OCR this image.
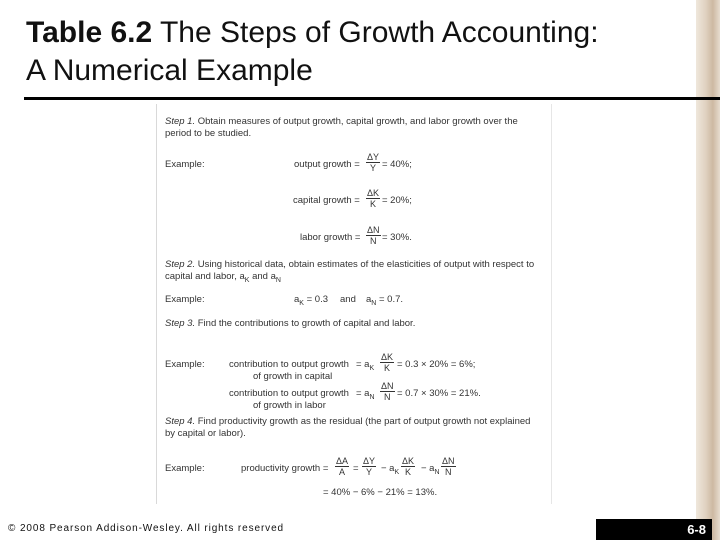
Table 6.2 The Steps of Growth Accounting:
A Numerical Example
Step 1. Obtain measures of output growth, capital growth, and labor growth over the
period to be studied.
Example:	output growth = $\frac{\Delta Y}{Y} = 40\%$;
capital growth = $\frac{\Delta K}{K} = 20\%$;
labor growth = $\frac{\Delta N}{N} = 30\%$.
Step 2. Using historical data, obtain estimates of the elasticities of output with respect to
capital and labor, $a_K$ and $a_N$
Example:	$a_K = 0.3$ and $a_N = 0.7$.
Step 3. Find the contributions to growth of capital and labor.
Example:	contribution to output growth
of growth in capital
= $a_K \frac{\Delta K}{K} = 0.3 \times 20\% = 6\%$;
contribution to output growth
of growth in labor
= $a_N \frac{\Delta N}{N} = 0.7 \times 30\% = 21\%$.
Step 4. Find productivity growth as the residual (the part of output growth not explained
by capital or labor).
Example:	productivity growth = $\frac{\Delta A}{A} = \frac{\Delta Y}{Y} - a_K \frac{\Delta K}{K} - a_N \frac{\Delta N}{N}$
= 40% − 6% − 21% = 13%.
© 2008 Pearson Addison-Wesley. All rights reserved	6-8
